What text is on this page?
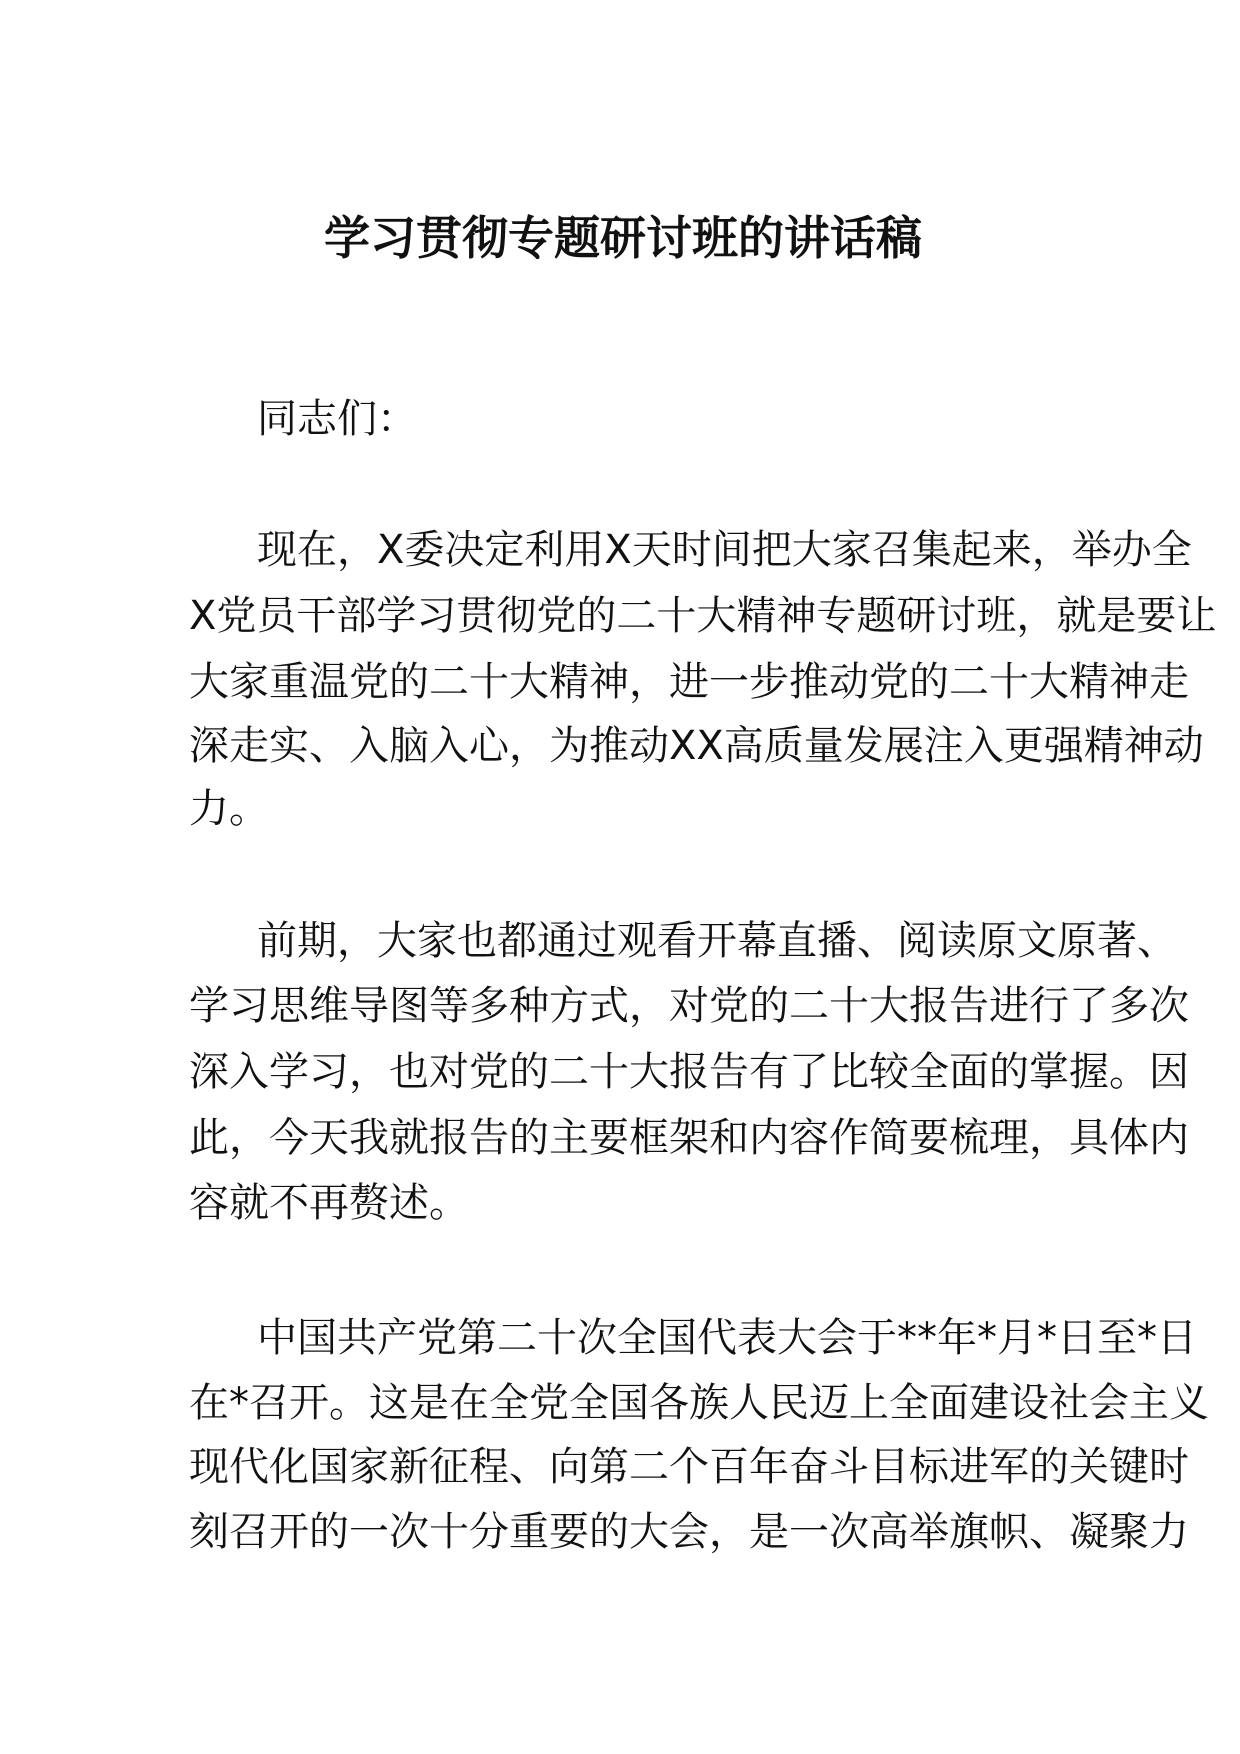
学习贯彻专题研讨班的讲话稿
同志们：
现在，X委决定利用X天时间把大家召集起来，举办全
X党员干部学习贯彻党的二十大精神专题研讨班，就是要让
大家重温党的二十大精神，进一步推动党的二十大精神走
深走实、入脑入心，为推动XX高质量发展注入更强精神动
力。
前期，大家也都通过观看开幕直播、阅读原文原著、
学习思维导图等多种方式，对党的二十大报告进行了多次
深入学习，也对党的二十大报告有了比较全面的掌握。因
此，今天我就报告的主要框架和内容作简要梳理，具体内
容就不再赘述。
中国共产党第二十次全国代表大会于**年*月*日至*日
在*召开。这是在全党全国各族人民迈上全面建设社会主义
现代化国家新征程、向第二个百年奋斗目标进军的关键时
刻召开的一次十分重要的大会，是一次高举旗帜、凝聚力
